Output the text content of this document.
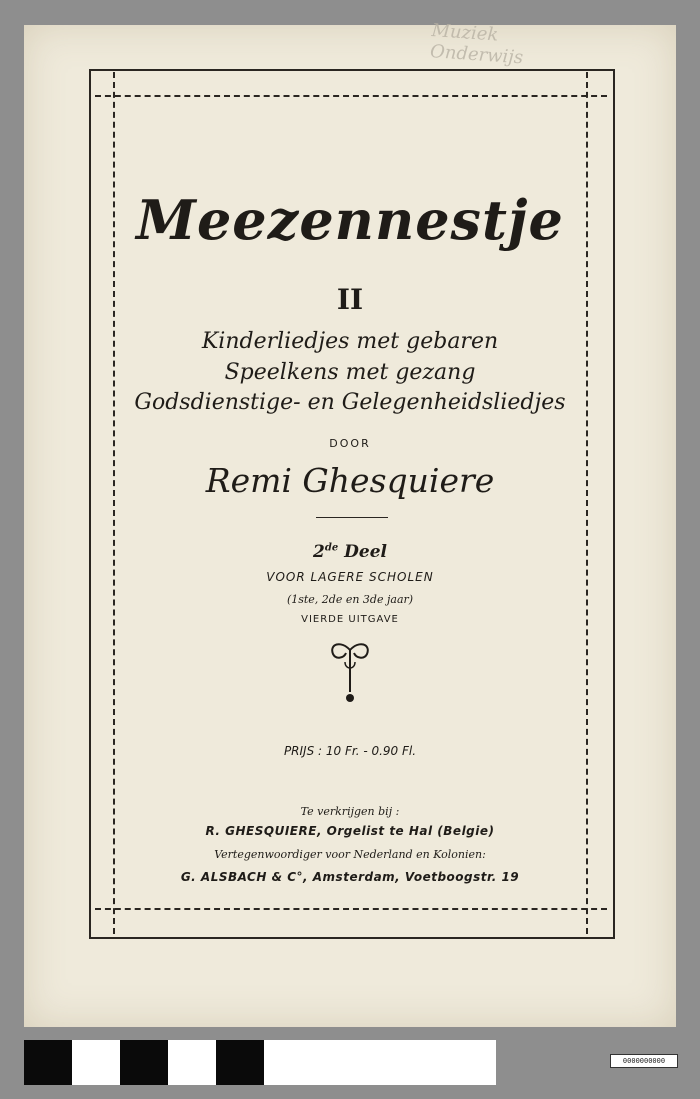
Muziek
Onderwijs
Meezennestje
II
Kinderliedjes met gebaren
Speelkens met gezang
Godsdienstige- en Gelegenheidsliedjes
DOOR
Remi Ghesquiere
2de Deel
VOOR LAGERE SCHOLEN
(1ste, 2de en 3de jaar)
VIERDE UITGAVE
PRIJS : 10 Fr. - 0.90 Fl.
Te verkrijgen bij :
R. GHESQUIERE, Orgelist te Hal (Belgie)
Vertegenwoordiger voor Nederland en Kolonien:
G. ALSBACH & C°, Amsterdam, Voetboogstr. 19
0000000000
